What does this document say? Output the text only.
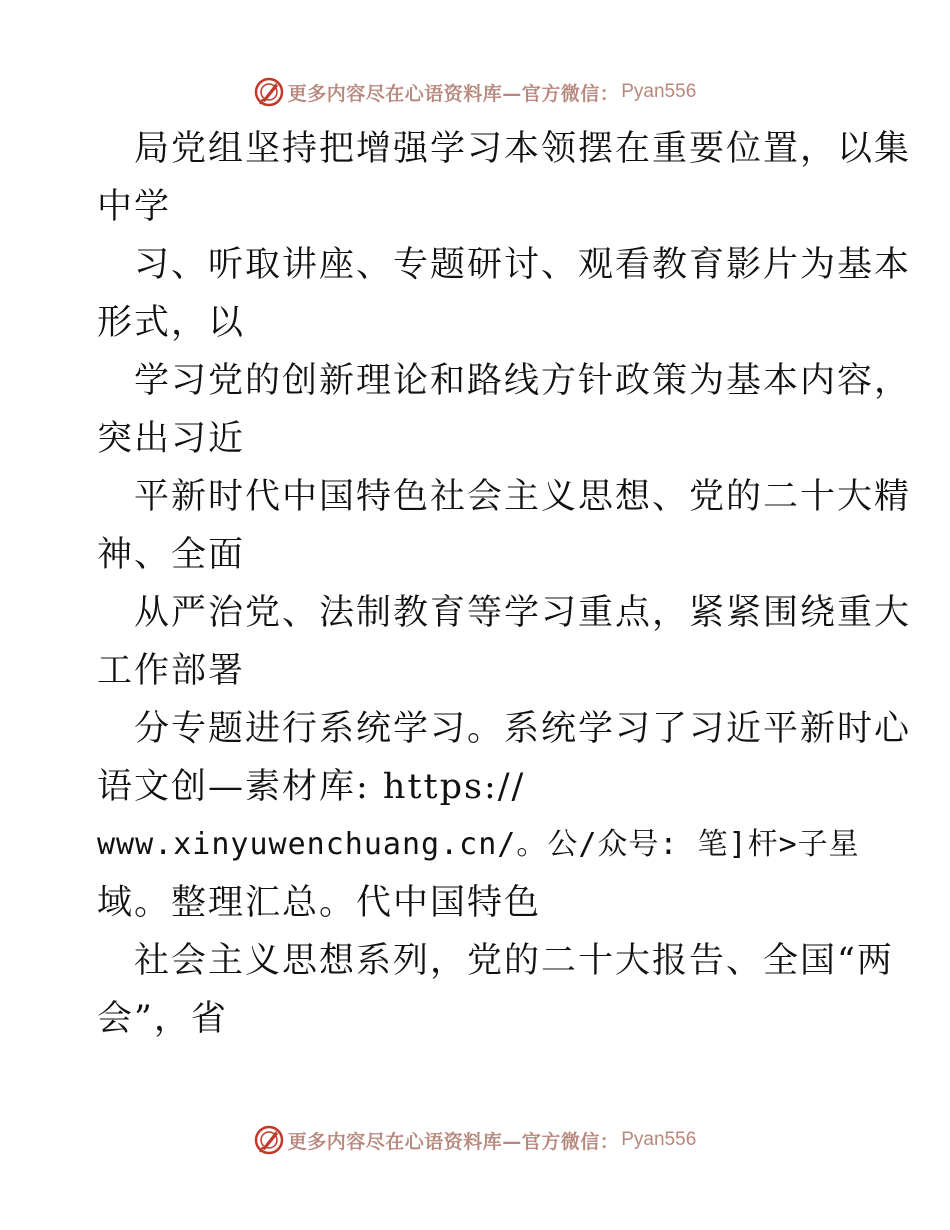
更多内容尽在心语资料库—官方微信： Pyan556
局党组坚持把增强学习本领摆在重要位置，以集
中学
习、听取讲座、专题研讨、观看教育影片为基本
形式，以
学习党的创新理论和路线方针政策为基本内容，
突出习近
平新时代中国特色社会主义思想、党的二十大精
神、全面
从严治党、法制教育等学习重点，紧紧围绕重大
工作部署
分专题进行系统学习。系统学习了习近平新时心
语文创—素材库: https://
www.xinyuwenchuang.cn/。公/众号: 笔]杆>子星
域。整理汇总。代中国特色
社会主义思想系列，党的二十大报告、全国“两
会”，省
更多内容尽在心语资料库—官方微信： Pyan556
